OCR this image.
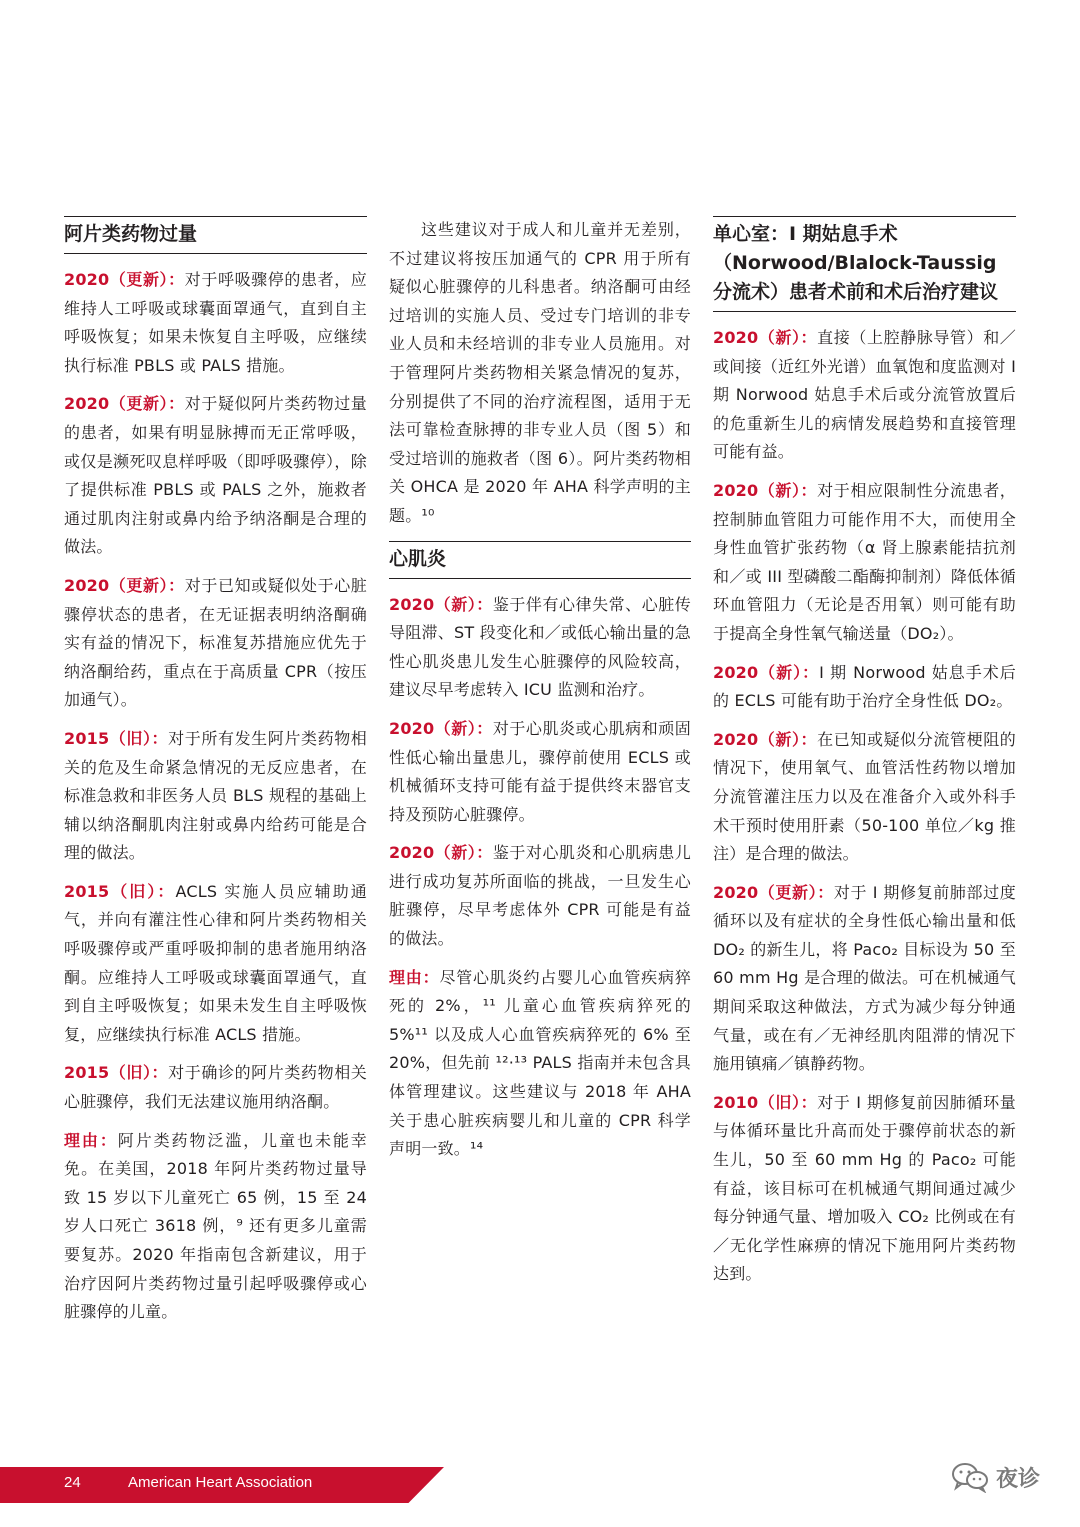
阿片类药物过量

2020（更新）：对于呼吸骤停的患者，应维持人工呼吸或球囊面罩通气，直到自主呼吸恢复；如果未恢复自主呼吸，应继续执行标准 PBLS 或 PALS 措施。

2020（更新）：对于疑似阿片类药物过量的患者，如果有明显脉搏而无正常呼吸，或仅是濒死叹息样呼吸（即呼吸骤停），除了提供标准 PBLS 或 PALS 之外，施救者通过肌肉注射或鼻内给予纳洛酮是合理的做法。

2020（更新）：对于已知或疑似处于心脏骤停状态的患者，在无证据表明纳洛酮确实有益的情况下，标准复苏措施应优先于纳洛酮给药，重点在于高质量 CPR（按压加通气）。

2015（旧）：对于所有发生阿片类药物相关的危及生命紧急情况的无反应患者，在标准急救和非医务人员 BLS 规程的基础上辅以纳洛酮肌肉注射或鼻内给药可能是合理的做法。

2015（旧）：ACLS 实施人员应辅助通气，并向有灌注性心律和阿片类药物相关呼吸骤停或严重呼吸抑制的患者施用纳洛酮。应维持人工呼吸或球囊面罩通气，直到自主呼吸恢复；如果未发生自主呼吸恢复，应继续执行标准 ACLS 措施。

2015（旧）：对于确诊的阿片类药物相关心脏骤停，我们无法建议施用纳洛酮。

理由：阿片类药物泛滥，儿童也未能幸免。在美国，2018 年阿片类药物过量导致 15 岁以下儿童死亡 65 例，15 至 24 岁人口死亡 3618 例，⁹ 还有更多儿童需要复苏。2020 年指南包含新建议，用于治疗因阿片类药物过量引起呼吸骤停或心脏骤停的儿童。

这些建议对于成人和儿童并无差别，不过建议将按压加通气的 CPR 用于所有疑似心脏骤停的儿科患者。纳洛酮可由经过培训的实施人员、受过专门培训的非专业人员和未经培训的非专业人员施用。对于管理阿片类药物相关紧急情况的复苏，分别提供了不同的治疗流程图，适用于无法可靠检查脉搏的非专业人员（图 5）和受过培训的施救者（图 6）。阿片类药物相关 OHCA 是 2020 年 AHA 科学声明的主题。¹⁰

心肌炎

2020（新）：鉴于伴有心律失常、心脏传导阻滞、ST 段变化和／或低心输出量的急性心肌炎患儿发生心脏骤停的风险较高，建议尽早考虑转入 ICU 监测和治疗。

2020（新）：对于心肌炎或心肌病和顽固性低心输出量患儿，骤停前使用 ECLS 或机械循环支持可能有益于提供终末器官支持及预防心脏骤停。

2020（新）：鉴于对心肌炎和心肌病患儿进行成功复苏所面临的挑战，一旦发生心脏骤停，尽早考虑体外 CPR 可能是有益的做法。

理由：尽管心肌炎约占婴儿心血管疾病猝死的 2%，¹¹ 儿童心血管疾病猝死的 5%¹¹ 以及成人心血管疾病猝死的 6% 至 20%，但先前 ¹²·¹³ PALS 指南并未包含具体管理建议。这些建议与 2018 年 AHA 关于患心脏疾病婴儿和儿童的 CPR 科学声明一致。¹⁴

单心室：I 期姑息手术（Norwood/Blalock-Taussig 分流术）患者术前和术后治疗建议

2020（新）：直接（上腔静脉导管）和／或间接（近红外光谱）血氧饱和度监测对 I 期 Norwood 姑息手术后或分流管放置后的危重新生儿的病情发展趋势和直接管理可能有益。

2020（新）：对于相应限制性分流患者，控制肺血管阻力可能作用不大，而使用全身性血管扩张药物（α 肾上腺素能拮抗剂和／或 III 型磷酸二酯酶抑制剂）降低体循环血管阻力（无论是否用氧）则可能有助于提高全身性氧气输送量（DO₂）。

2020（新）：I 期 Norwood 姑息手术后的 ECLS 可能有助于治疗全身性低 DO₂。

2020（新）：在已知或疑似分流管梗阻的情况下，使用氧气、血管活性药物以增加分流管灌注压力以及在准备介入或外科手术干预时使用肝素（50-100 单位／kg 推注）是合理的做法。

2020（更新）：对于 I 期修复前肺部过度循环以及有症状的全身性低心输出量和低 DO₂ 的新生儿，将 Paco₂ 目标设为 50 至 60 mm Hg 是合理的做法。可在机械通气期间采取这种做法，方式为减少每分钟通气量，或在有／无神经肌肉阻滞的情况下施用镇痛／镇静药物。

2010（旧）：对于 I 期修复前因肺循环量与体循环量比升高而处于骤停前状态的新生儿，50 至 60 mm Hg 的 Paco₂ 可能有益，该目标可在机械通气期间通过减少每分钟通气量、增加吸入 CO₂ 比例或在有／无化学性麻痹的情况下施用阿片类药物达到。

24	American Heart Association	夜诊
